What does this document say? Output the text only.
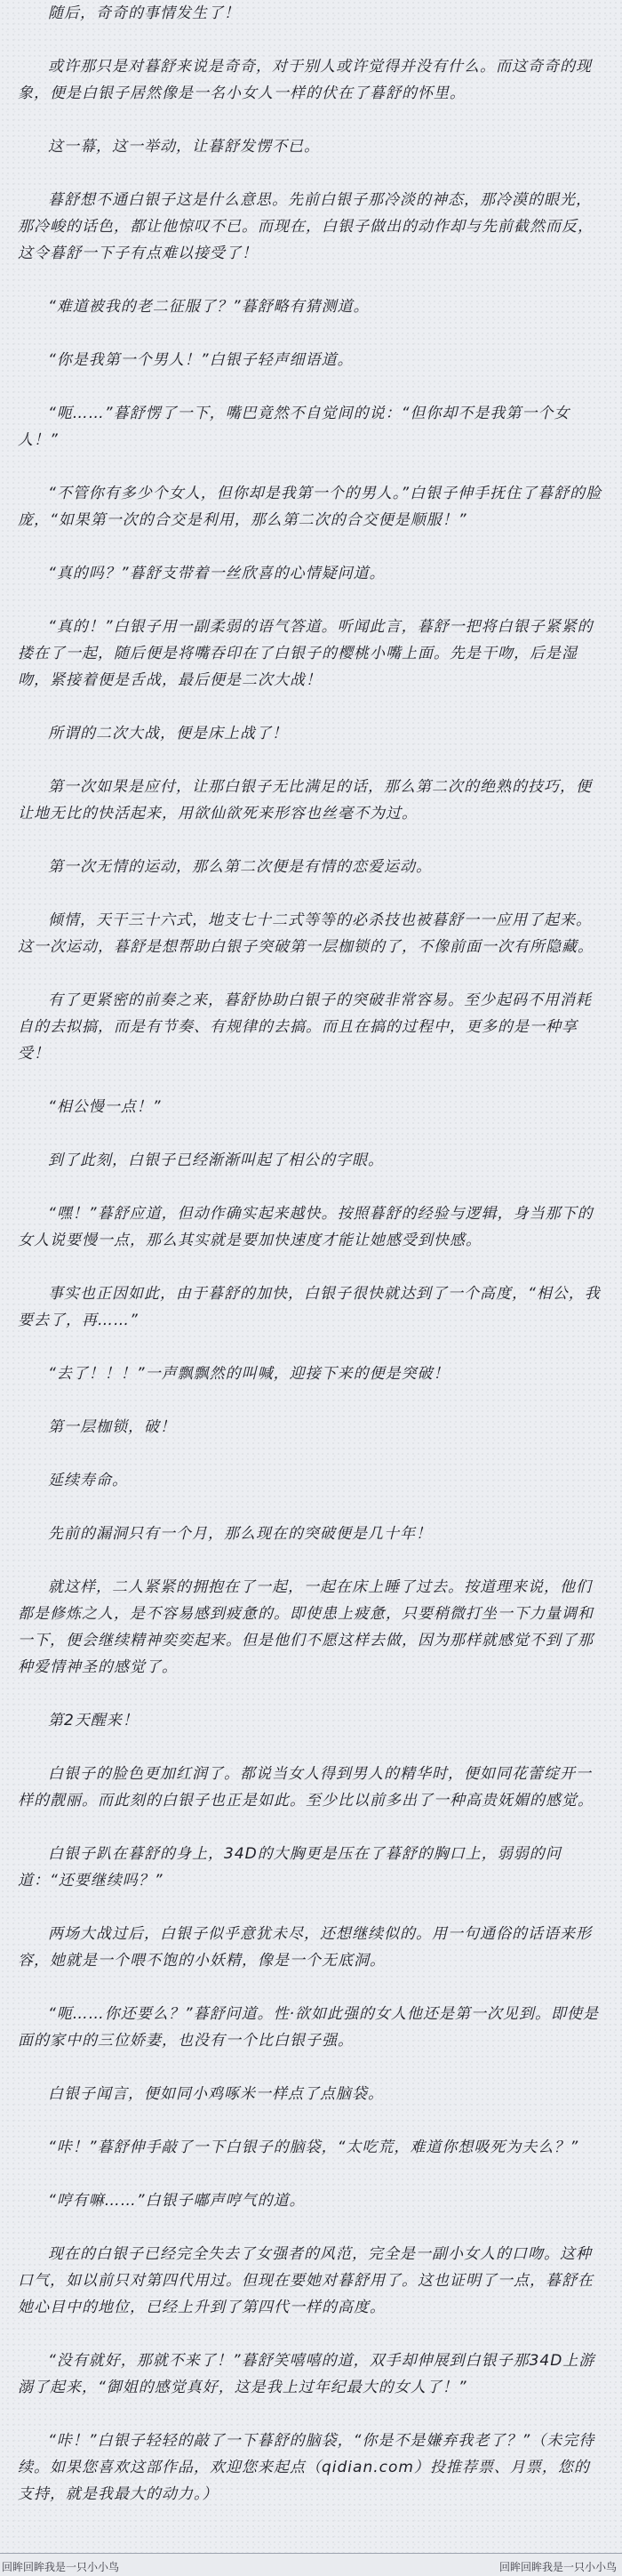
随后，奇奇的事情发生了！

或许那只是对暮舒来说是奇奇，对于别人或许觉得并没有什么。而这奇奇的现象，便是白银子居然像是一名小女人一样的伏在了暮舒的怀里。

这一幕，这一举动，让暮舒发愣不已。

暮舒想不通白银子这是什么意思。先前白银子那冷淡的神态，那冷漠的眼光，那冷峻的话色，都让他惊叹不已。而现在，白银子做出的动作却与先前截然而反，这令暮舒一下子有点难以接受了！

“难道被我的老二征服了？”暮舒略有猜测道。

“你是我第一个男人！”白银子轻声细语道。

“呃……”暮舒愣了一下，嘴巴竟然不自觉间的说：“但你却不是我第一个女人！”

“不管你有多少个女人，但你却是我第一个的男人。”白银子伸手抚住了暮舒的脸庞，“如果第一次的合交是利用，那么第二次的合交便是顺服！”

“真的吗？”暮舒支带着一丝欣喜的心情疑问道。

“真的！”白银子用一副柔弱的语气答道。听闻此言，暮舒一把将白银子紧紧的搂在了一起，随后便是将嘴吞印在了白银子的樱桃小嘴上面。先是干吻，后是湿吻，紧接着便是舌战，最后便是二次大战！

所谓的二次大战，便是床上战了！

第一次如果是应付，让那白银子无比满足的话，那么第二次的绝熟的技巧，便让地无比的快活起来，用欲仙欲死来形容也丝毫不为过。

第一次无情的运动，那么第二次便是有情的恋爱运动。

倾情，天干三十六式，地支七十二式等等的必杀技也被暮舒一一应用了起来。这一次运动，暮舒是想帮助白银子突破第一层枷锁的了，不像前面一次有所隐藏。

有了更紧密的前奏之来，暮舒协助白银子的突破非常容易。至少起码不用消耗自的去拟搞，而是有节奏、有规律的去搞。而且在搞的过程中，更多的是一种享受！

“相公慢一点！”

到了此刻，白银子已经渐渐叫起了相公的字眼。

“嘿！”暮舒应道，但动作确实起来越快。按照暮舒的经验与逻辑，身当那下的女人说要慢一点，那么其实就是要加快速度才能让她感受到快感。

事实也正因如此，由于暮舒的加快，白银子很快就达到了一个高度，“相公，我要去了，再……”

“去了！！！”一声飘飘然的叫喊，迎接下来的便是突破！

第一层枷锁，破！

延续寿命。

先前的漏洞只有一个月，那么现在的突破便是几十年！

就这样，二人紧紧的拥抱在了一起，一起在床上睡了过去。按道理来说，他们都是修炼之人，是不容易感到疲惫的。即使患上疲惫，只要稍微打坐一下力量调和一下，便会继续精神奕奕起来。但是他们不愿这样去做，因为那样就感觉不到了那种爱情神圣的感觉了。

第2天醒来！

白银子的脸色更加红润了。都说当女人得到男人的精华时，便如同花蕾绽开一样的靓丽。而此刻的白银子也正是如此。至少比以前多出了一种高贵妩媚的感觉。

白银子趴在暮舒的身上，34D的大胸更是压在了暮舒的胸口上，弱弱的问道：“还要继续吗？”

两场大战过后，白银子似乎意犹未尽，还想继续似的。用一句通俗的话语来形容，她就是一个喂不饱的小妖精，像是一个无底洞。

“呃……你还要么？”暮舒问道。性·欲如此强的女人他还是第一次见到。即使是面的家中的三位娇妻，也没有一个比白银子强。

白银子闻言，便如同小鸡啄米一样点了点脑袋。

“咔！”暮舒伸手敲了一下白银子的脑袋，“太吃荒，难道你想吸死为夫么？”

“哼有嘛……”白银子嘟声哼气的道。

现在的白银子已经完全失去了女强者的风范，完全是一副小女人的口吻。这种口气，如以前只对第四代用过。但现在要她对暮舒用了。这也证明了一点，暮舒在她心目中的地位，已经上升到了第四代一样的高度。

“没有就好，那就不来了！”暮舒笑嘻嘻的道，双手却伸展到白银子那34D上游溺了起来，“御姐的感觉真好，这是我上过年纪最大的女人了！”

“咔！”白银子轻轻的敲了一下暮舒的脑袋，“你是不是嫌弃我老了？”（未完待续。如果您喜欢这部作品，欢迎您来起点（qidian.com）投推荐票、月票，您的支持，就是我最大的动力。）

回眸回眸我是一只小小鸟	回眸回眸我是一只小小鸟
